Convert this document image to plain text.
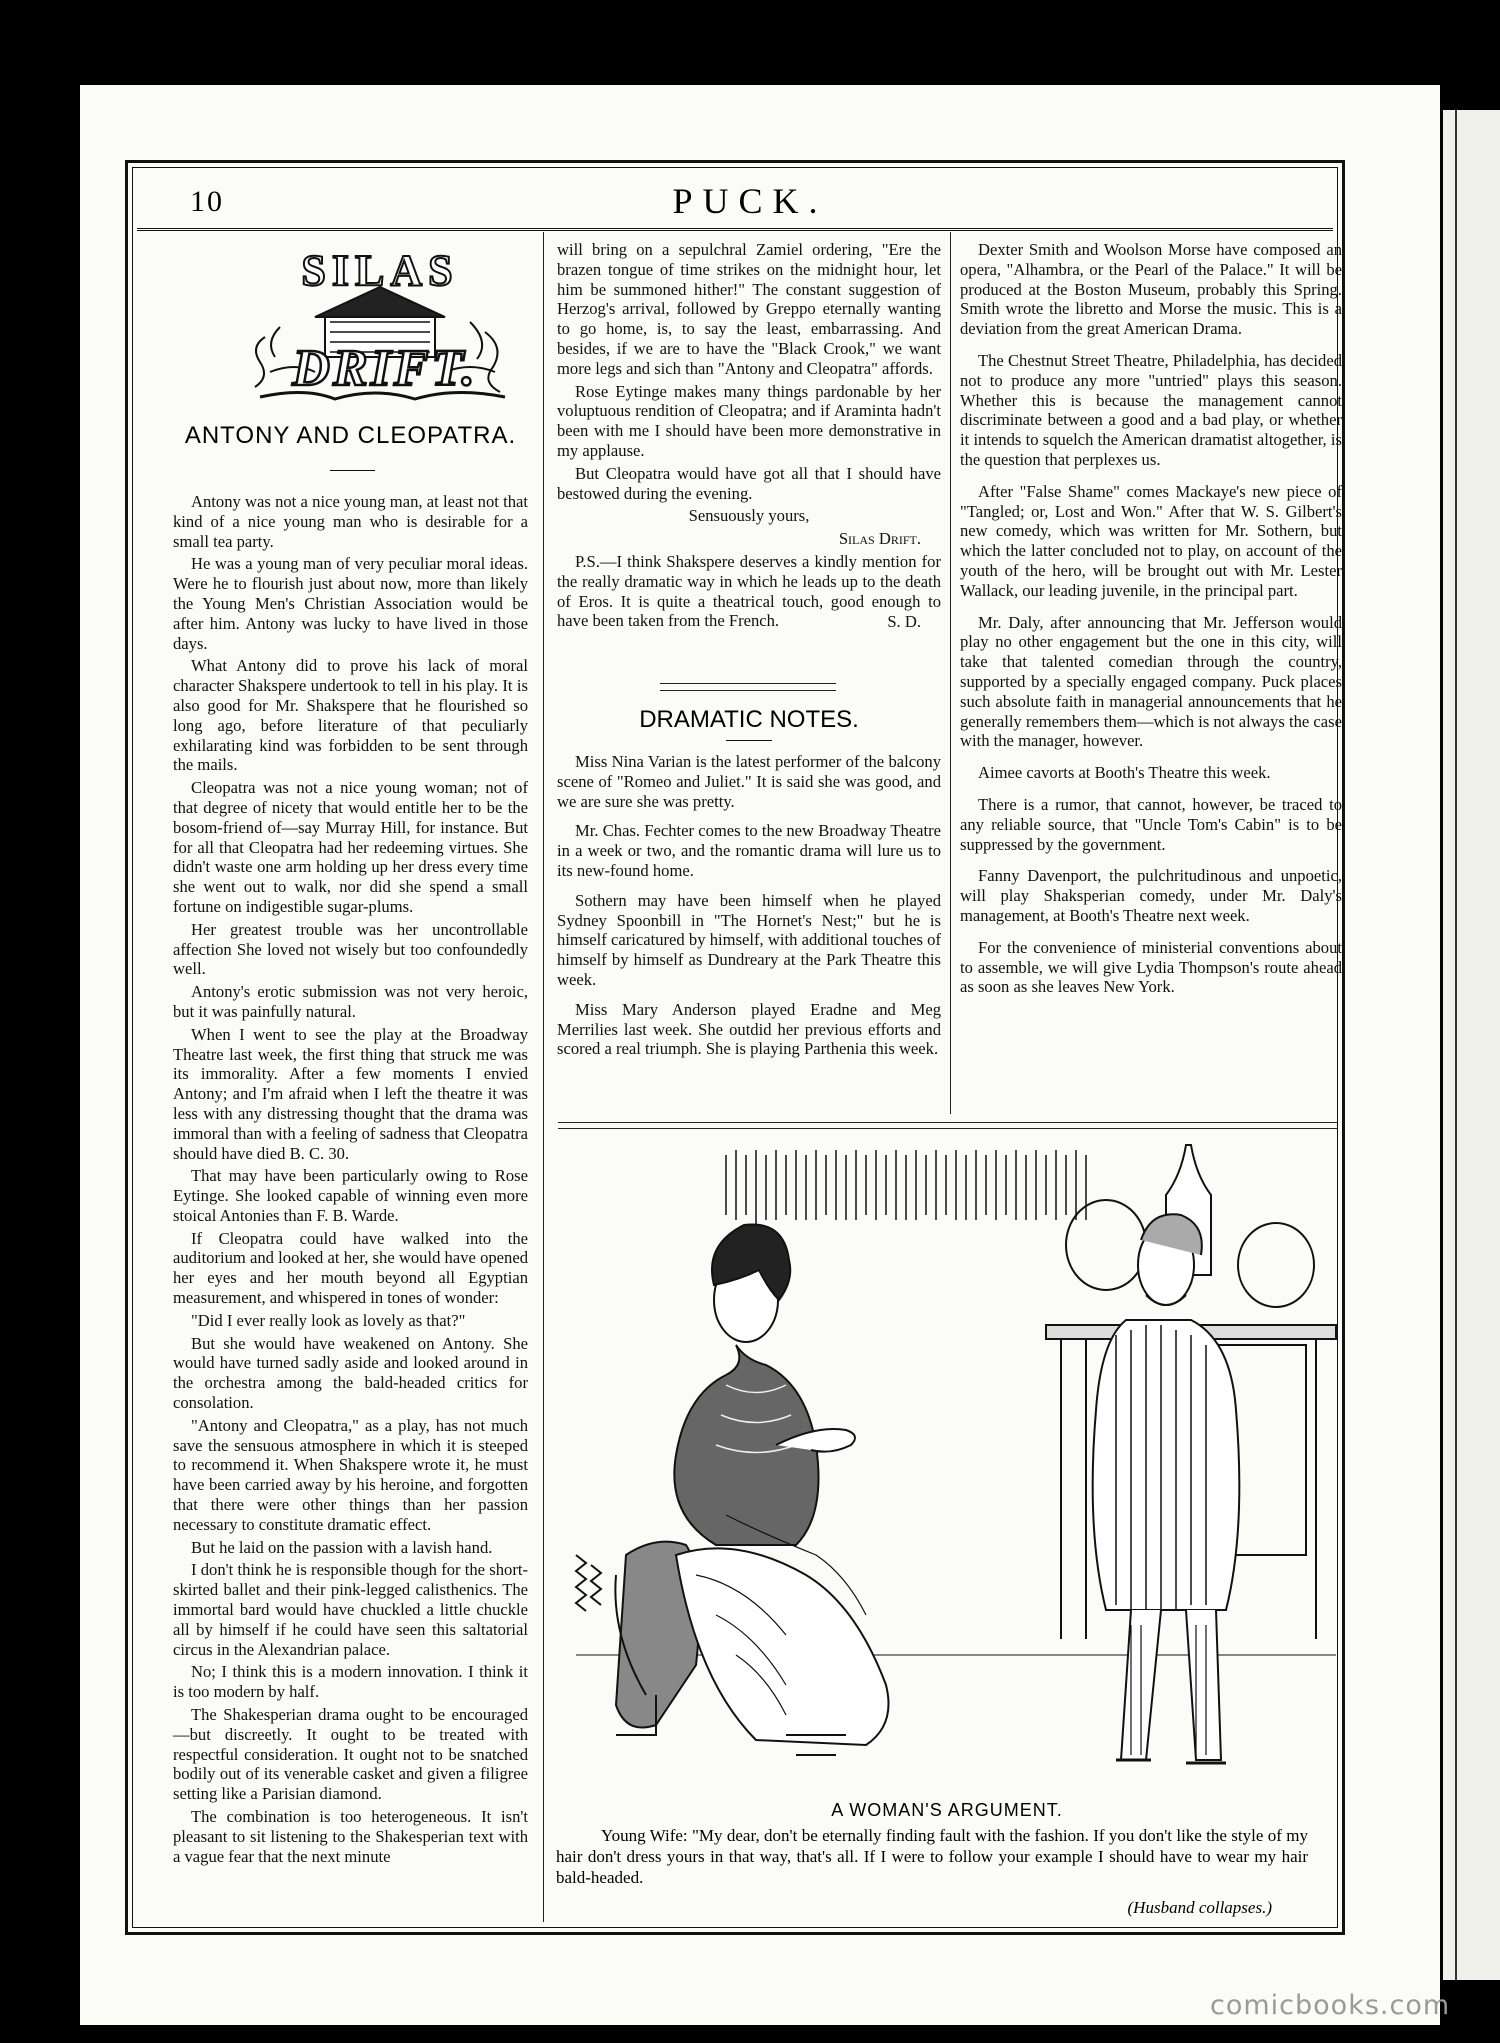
10	PUCK.
SILAS
DRIFT.
ANTONY AND CLEOPATRA.

Antony was not a nice young man, at least not that kind of a nice young man who is desirable for a small tea party.

He was a young man of very peculiar moral ideas. Were he to flourish just about now, more than likely the Young Men's Christian Association would be after him. Antony was lucky to have lived in those days.

What Antony did to prove his lack of moral character Shakspere undertook to tell in his play. It is also good for Mr. Shakspere that he flourished so long ago, before literature of that peculiarly exhilarating kind was forbidden to be sent through the mails.

Cleopatra was not a nice young woman; not of that degree of nicety that would entitle her to be the bosom-friend of—say Murray Hill, for instance. But for all that Cleopatra had her redeeming virtues. She didn't waste one arm holding up her dress every time she went out to walk, nor did she spend a small fortune on indigestible sugar-plums.

Her greatest trouble was her uncontrollable affection She loved not wisely but too confoundedly well.

Antony's erotic submission was not very heroic, but it was painfully natural.

When I went to see the play at the Broadway Theatre last week, the first thing that struck me was its immorality. After a few moments I envied Antony; and I'm afraid when I left the theatre it was less with any distressing thought that the drama was immoral than with a feeling of sadness that Cleopatra should have died B. C. 30.

That may have been particularly owing to Rose Eytinge. She looked capable of winning even more stoical Antonies than F. B. Warde.

If Cleopatra could have walked into the auditorium and looked at her, she would have opened her eyes and her mouth beyond all Egyptian measurement, and whispered in tones of wonder:

"Did I ever really look as lovely as that?"

But she would have weakened on Antony. She would have turned sadly aside and looked around in the orchestra among the bald-headed critics for consolation.

"Antony and Cleopatra," as a play, has not much save the sensuous atmosphere in which it is steeped to recommend it. When Shakspere wrote it, he must have been carried away by his heroine, and forgotten that there were other things than her passion necessary to constitute dramatic effect.

But he laid on the passion with a lavish hand.

I don't think he is responsible though for the short-skirted ballet and their pink-legged calisthenics. The immortal bard would have chuckled a little chuckle all by himself if he could have seen this saltatorial circus in the Alexandrian palace.

No; I think this is a modern innovation. I think it is too modern by half.

The Shakesperian drama ought to be encouraged—but discreetly. It ought to be treated with respectful consideration. It ought not to be snatched bodily out of its venerable casket and given a filigree setting like a Parisian diamond.

The combination is too heterogeneous. It isn't pleasant to sit listening to the Shakesperian text with a vague fear that the next minute

will bring on a sepulchral Zamiel ordering, "Ere the brazen tongue of time strikes on the midnight hour, let him be summoned hither!" The constant suggestion of Herzog's arrival, followed by Greppo eternally wanting to go home, is, to say the least, embarrassing. And besides, if we are to have the "Black Crook," we want more legs and sich than "Antony and Cleopatra" affords.

Rose Eytinge makes many things pardonable by her voluptuous rendition of Cleopatra; and if Araminta hadn't been with me I should have been more demonstrative in my applause.

But Cleopatra would have got all that I should have bestowed during the evening.

Sensuously yours,

Silas Drift.

P.S.—I think Shakspere deserves a kindly mention for the really dramatic way in which he leads up to the death of Eros. It is quite a theatrical touch, good enough to have been taken from the French.	S. D.

DRAMATIC NOTES.

Miss Nina Varian is the latest performer of the balcony scene of "Romeo and Juliet." It is said she was good, and we are sure she was pretty.

Mr. Chas. Fechter comes to the new Broadway Theatre in a week or two, and the romantic drama will lure us to its new-found home.

Sothern may have been himself when he played Sydney Spoonbill in "The Hornet's Nest;" but he is himself caricatured by himself, with additional touches of himself by himself as Dundreary at the Park Theatre this week.

Miss Mary Anderson played Eradne and Meg Merrilies last week. She outdid her previous efforts and scored a real triumph. She is playing Parthenia this week.

Dexter Smith and Woolson Morse have composed an opera, "Alhambra, or the Pearl of the Palace." It will be produced at the Boston Museum, probably this Spring. Smith wrote the libretto and Morse the music. This is a deviation from the great American Drama.

The Chestnut Street Theatre, Philadelphia, has decided not to produce any more "untried" plays this season. Whether this is because the management cannot discriminate between a good and a bad play, or whether it intends to squelch the American dramatist altogether, is the question that perplexes us.

After "False Shame" comes Mackaye's new piece of "Tangled; or, Lost and Won." After that W. S. Gilbert's new comedy, which was written for Mr. Sothern, but which the latter concluded not to play, on account of the youth of the hero, will be brought out with Mr. Lester Wallack, our leading juvenile, in the principal part.

Mr. Daly, after announcing that Mr. Jefferson would play no other engagement but the one in this city, will take that talented comedian through the country, supported by a specially engaged company. Puck places such absolute faith in managerial announcements that he generally remembers them—which is not always the case with the manager, however.

Aimee cavorts at Booth's Theatre this week.

There is a rumor, that cannot, however, be traced to any reliable source, that "Uncle Tom's Cabin" is to be suppressed by the government.

Fanny Davenport, the pulchritudinous and unpoetic, will play Shaksperian comedy, under Mr. Daly's management, at Booth's Theatre next week.

For the convenience of ministerial conventions about to assemble, we will give Lydia Thompson's route ahead as soon as she leaves New York.

A WOMAN'S ARGUMENT.
Young Wife: "My dear, don't be eternally finding fault with the fashion. If you don't like the style of my hair don't dress yours in that way, that's all. If I were to follow your example I should have to wear my hair bald-headed.
(Husband collapses.)
comicbooks.com
